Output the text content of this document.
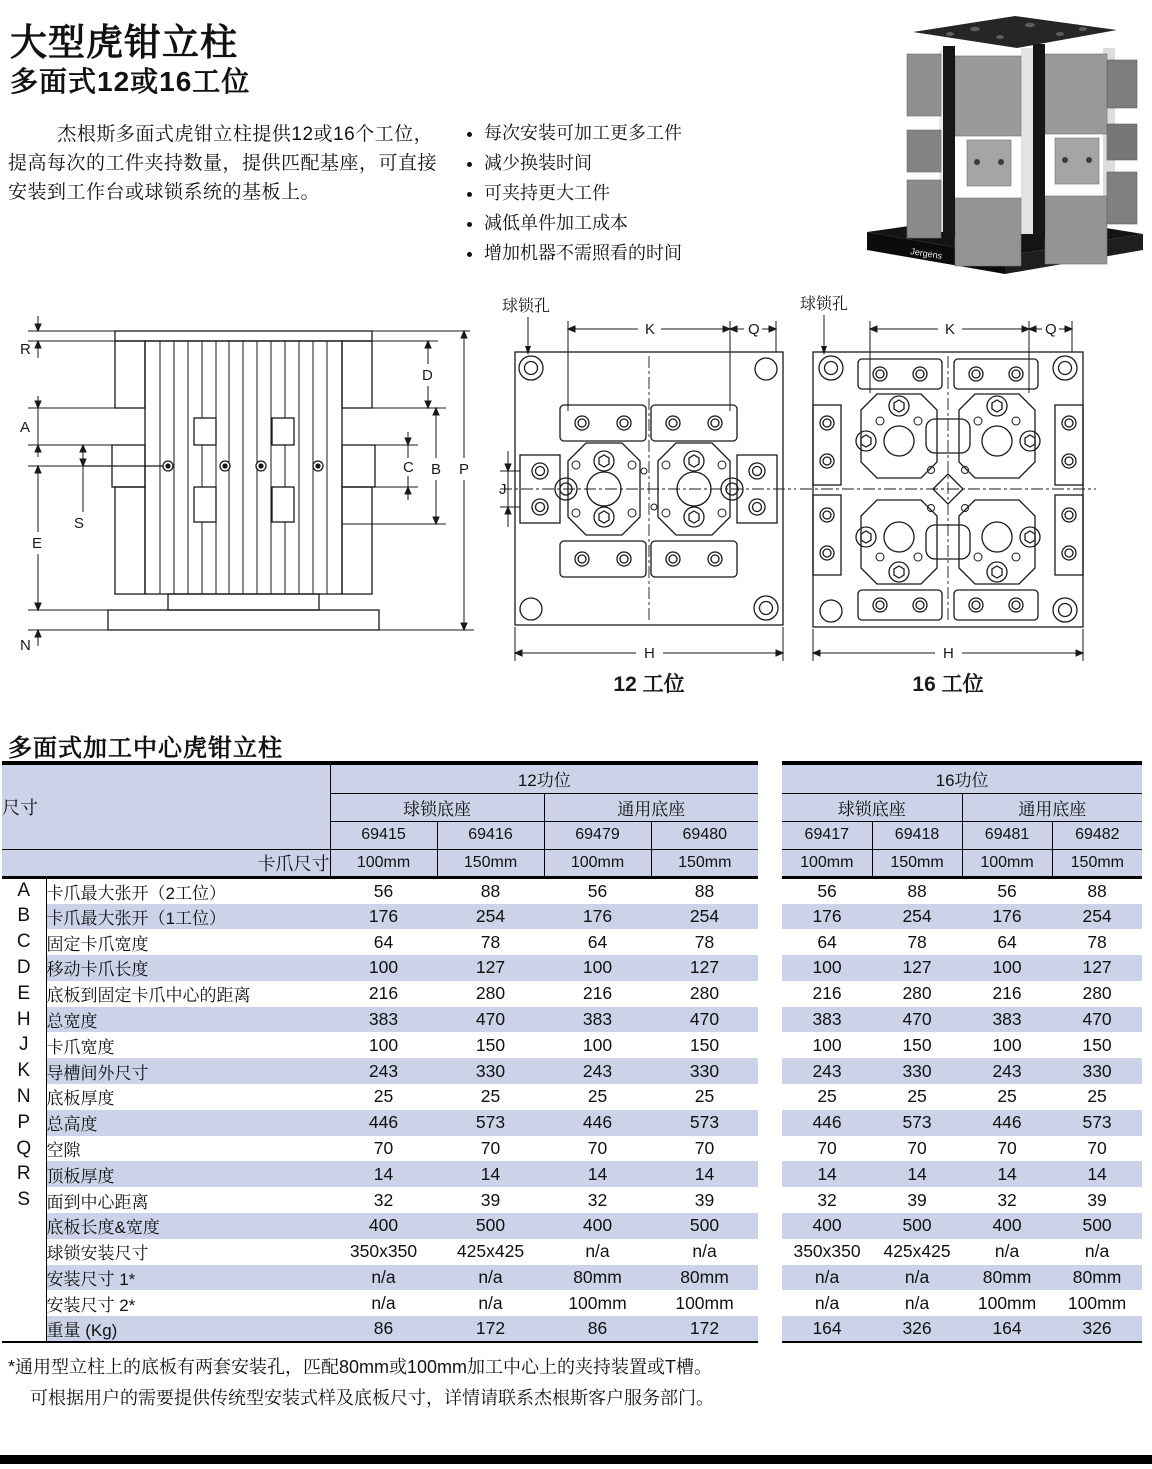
大型虎钳立柱
多面式12或16工位
杰根斯多面式虎钳立柱提供12或16个工位，提高每次的工件夹持数量，提供匹配基座，可直接安装到工作台或球锁系统的基板上。
• 每次安装可加工更多工件
• 减少换装时间
• 可夹持更大工件
• 减低单件加工成本
• 增加机器不需照看的时间	Jergens
R
A
S
E
N
D
C B P
球锁孔
K	Q
J
H
12 工位
球锁孔
K	Q
H
16 工位
多面式加工中心虎钳立柱
尺寸		12功位					16功位			
		球锁底座		通用底座			球锁底座		通用底座	
		69415	69416	69479	69480		69417	69418	69481	69482
卡爪尺寸		100mm	150mm	100mm	150mm		100mm	150mm	100mm	150mm
A	卡爪最大张开（2工位）	56	88	56	88		56	88	56	88
B	卡爪最大张开（1工位）	176	254	176	254		176	254	176	254
C	固定卡爪宽度	64	78	64	78		64	78	64	78
D	移动卡爪长度	100	127	100	127		100	127	100	127
E	底板到固定卡爪中心的距离	216	280	216	280		216	280	216	280
H	总宽度	383	470	383	470		383	470	383	470
J	卡爪宽度	100	150	100	150		100	150	100	150
K	导槽间外尺寸	243	330	243	330		243	330	243	330
N	底板厚度	25	25	25	25		25	25	25	25
P	总高度	446	573	446	573		446	573	446	573
Q	空隙	70	70	70	70		70	70	70	70
R	顶板厚度	14	14	14	14		14	14	14	14
S	面到中心距离	32	39	32	39		32	39	32	39
	底板长度&宽度	400	500	400	500		400	500	400	500
	球锁安装尺寸	350x350	425x425	n/a	n/a		350x350	425x425	n/a	n/a
	安装尺寸 1*	n/a	n/a	80mm	80mm		n/a	n/a	80mm	80mm
	安装尺寸 2*	n/a	n/a	100mm	100mm		n/a	n/a	100mm	100mm
	重量 (Kg)	86	172	86	172		164	326	164	326
*通用型立柱上的底板有两套安装孔，匹配80mm或100mm加工中心上的夹持装置或T槽。
可根据用户的需要提供传统型安装式样及底板尺寸，详情请联系杰根斯客户服务部门。
